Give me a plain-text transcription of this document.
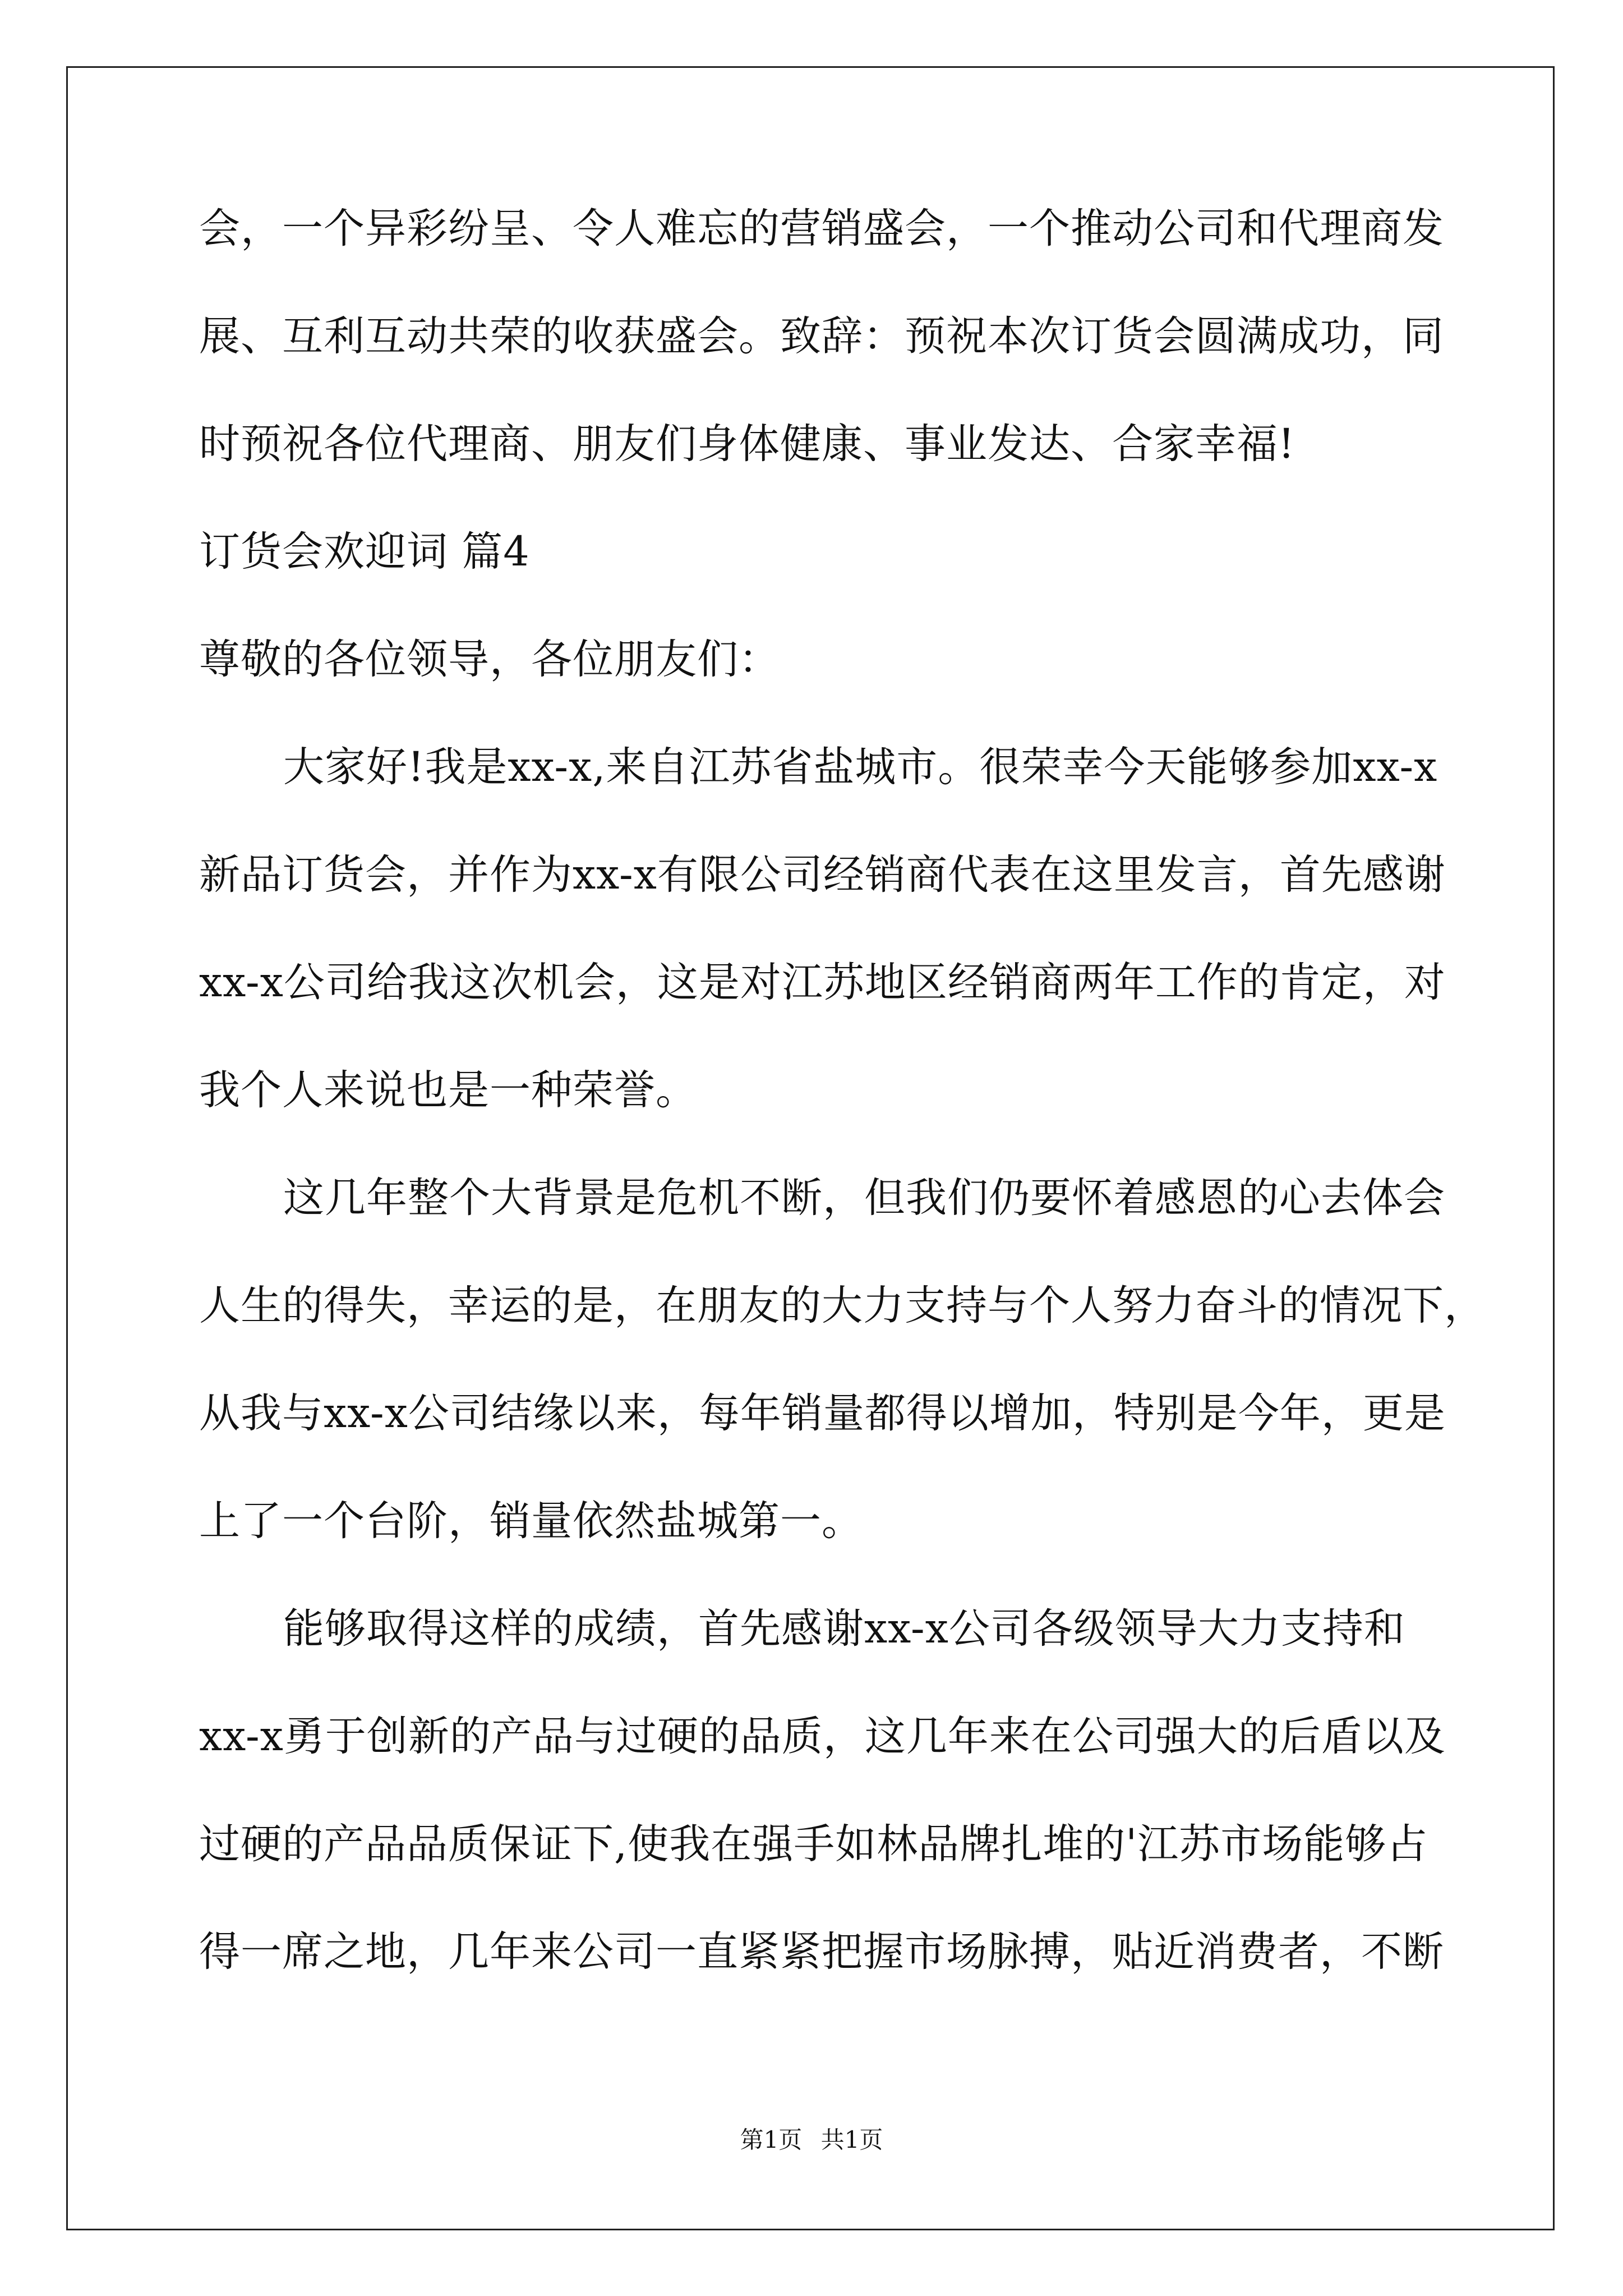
会，一个异彩纷呈、令人难忘的营销盛会，一个推动公司和代理商发
展、互利互动共荣的收获盛会。致辞：预祝本次订货会圆满成功，同
时预祝各位代理商、朋友们身体健康、事业发达、合家幸福!
订货会欢迎词 篇4
尊敬的各位领导，各位朋友们：
大家好!我是xx-x,来自江苏省盐城市。很荣幸今天能够参加xx-x
新品订货会，并作为xx-x有限公司经销商代表在这里发言，首先感谢
xx-x公司给我这次机会，这是对江苏地区经销商两年工作的肯定，对
我个人来说也是一种荣誉。
这几年整个大背景是危机不断，但我们仍要怀着感恩的心去体会
人生的得失，幸运的是，在朋友的大力支持与个人努力奋斗的情况下，
从我与xx-x公司结缘以来，每年销量都得以增加，特别是今年，更是
上了一个台阶，销量依然盐城第一。
能够取得这样的成绩，首先感谢xx-x公司各级领导大力支持和
xx-x勇于创新的产品与过硬的品质，这几年来在公司强大的后盾以及
过硬的产品品质保证下,使我在强手如林品牌扎堆的'江苏市场能够占
得一席之地，几年来公司一直紧紧把握市场脉搏，贴近消费者，不断
第1页 共1页
